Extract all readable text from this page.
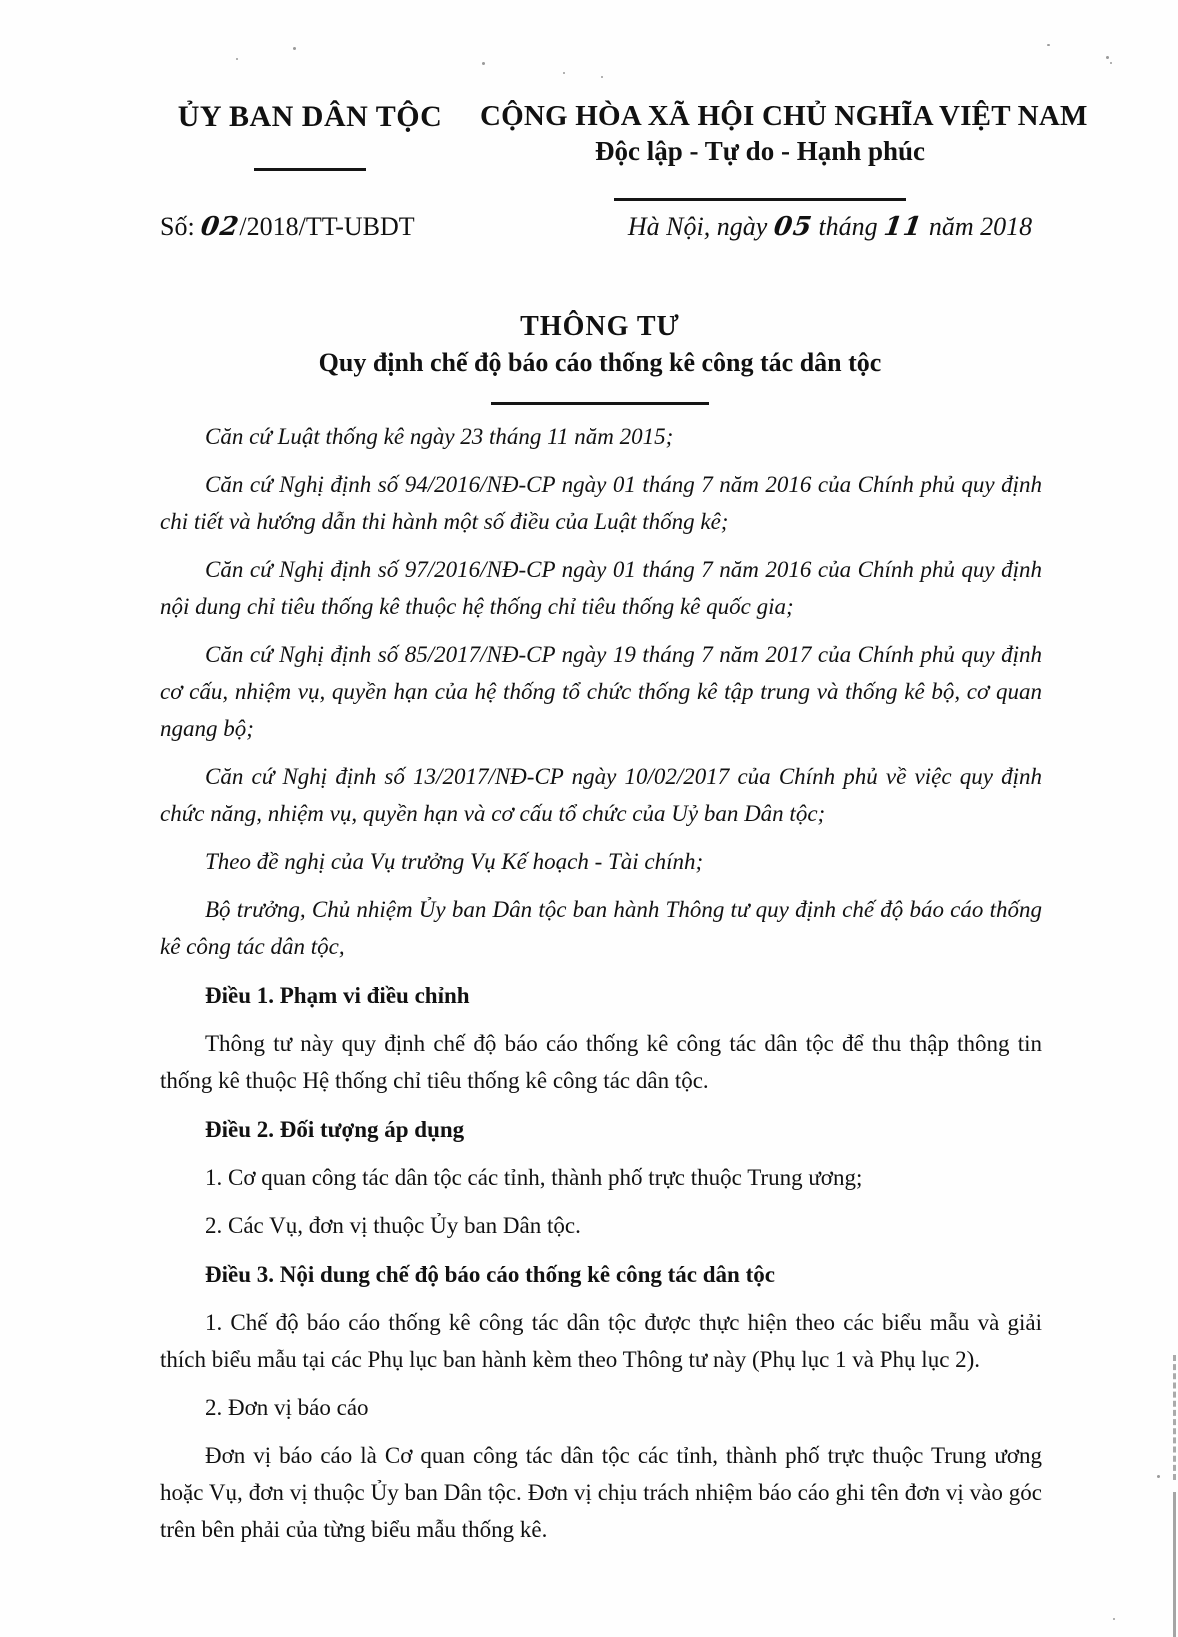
ỦY BAN DÂN TỘC	CỘNG HÒA XÃ HỘI CHỦ NGHĨA VIỆT NAM
Độc lập - Tự do - Hạnh phúc
Số: 02/2018/TT-UBDT	Hà Nội, ngày 05 tháng 11 năm 2018
THÔNG TƯ
Quy định chế độ báo cáo thống kê công tác dân tộc

Căn cứ Luật thống kê ngày 23 tháng 11 năm 2015;

Căn cứ Nghị định số 94/2016/NĐ-CP ngày 01 tháng 7 năm 2016 của Chính phủ quy định chi tiết và hướng dẫn thi hành một số điều của Luật thống kê;

Căn cứ Nghị định số 97/2016/NĐ-CP ngày 01 tháng 7 năm 2016 của Chính phủ quy định nội dung chỉ tiêu thống kê thuộc hệ thống chỉ tiêu thống kê quốc gia;

Căn cứ Nghị định số 85/2017/NĐ-CP ngày 19 tháng 7 năm 2017 của Chính phủ quy định cơ cấu, nhiệm vụ, quyền hạn của hệ thống tổ chức thống kê tập trung và thống kê bộ, cơ quan ngang bộ;

Căn cứ Nghị định số 13/2017/NĐ-CP ngày 10/02/2017 của Chính phủ về việc quy định chức năng, nhiệm vụ, quyền hạn và cơ cấu tổ chức của Uỷ ban Dân tộc;

Theo đề nghị của Vụ trưởng Vụ Kế hoạch - Tài chính;

Bộ trưởng, Chủ nhiệm Ủy ban Dân tộc ban hành Thông tư quy định chế độ báo cáo thống kê công tác dân tộc,

Điều 1. Phạm vi điều chỉnh

Thông tư này quy định chế độ báo cáo thống kê công tác dân tộc để thu thập thông tin thống kê thuộc Hệ thống chỉ tiêu thống kê công tác dân tộc.

Điều 2. Đối tượng áp dụng

1. Cơ quan công tác dân tộc các tỉnh, thành phố trực thuộc Trung ương;

2. Các Vụ, đơn vị thuộc Ủy ban Dân tộc.

Điều 3. Nội dung chế độ báo cáo thống kê công tác dân tộc

1. Chế độ báo cáo thống kê công tác dân tộc được thực hiện theo các biểu mẫu và giải thích biểu mẫu tại các Phụ lục ban hành kèm theo Thông tư này (Phụ lục 1 và Phụ lục 2).

2. Đơn vị báo cáo

Đơn vị báo cáo là Cơ quan công tác dân tộc các tỉnh, thành phố trực thuộc Trung ương hoặc Vụ, đơn vị thuộc Ủy ban Dân tộc. Đơn vị chịu trách nhiệm báo cáo ghi tên đơn vị vào góc trên bên phải của từng biểu mẫu thống kê.
